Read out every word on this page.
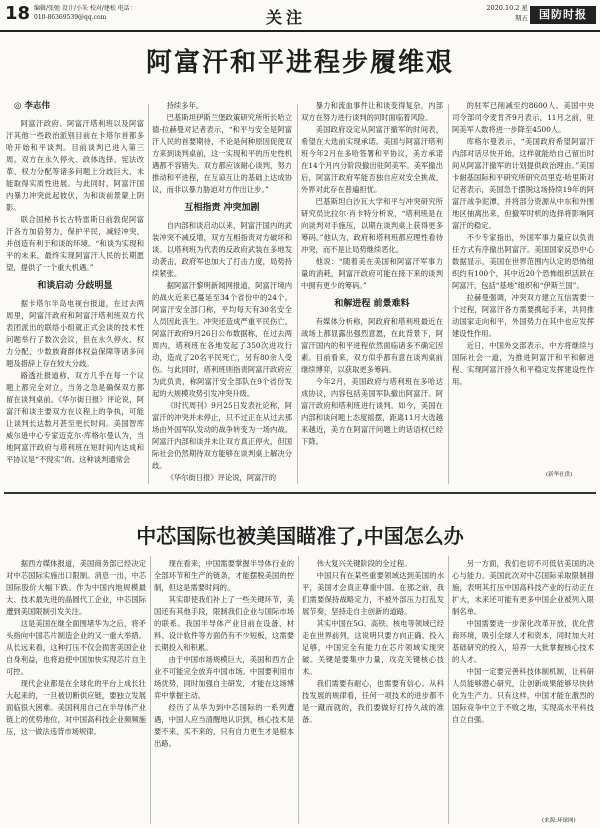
18 编辑/张弛 设计/小朱 校对/建松 电话：010-86369539@qq.com	关注	2020.10.2 星期五	国防时报
阿富汗和平进程步履维艰
◎ 李志伟

阿富汗政府、阿富汗塔利班以及阿富汗其他一些政治派别目前在卡塔尔首都多哈开始和平谈判。目前谈判已进入第三周。双方在永久停火、政体选择、宪法改革、权力分配等诸多问题上分歧巨大，未能取得实质性进展。与此同时，阿富汗国内暴力冲突此起彼伏，为和谈前景蒙上阴影。

联合国秘书长古特雷斯日前敦促阿富汗各方加倍努力，保护平民，减轻冲突，并创造有利于和谈的环境。“和谈为实现和平的未来，最终实现阿富汗人民的长期愿望，提供了一个重大机遇。”

和谈启动 分歧明显

据卡塔尔半岛电视台报道，在过去两周里，阿富汗政府和阿富汗塔利班双方代表团派出的联络小组就正式会谈的技术性问题举行了数次会议，但在永久停火、权力分配、少数族裔群体权益保障等诸多问题及措辞上存在较大分歧。

路透社报道称，双方几乎在每一个议题上都完全对立，当务之急是确保双方都留在谈判桌前。《华尔街日报》评论说，阿富汗和谈主要双方在议程上的争执，可能让谈判长达数月甚至更长时间。美国智库威尔逊中心专家迈克尔·库格尔曼认为，当地阿富汗政府与塔利班在短时间内达成和平协议是“不现实”的。这种谈判通常会

持续多年。

巴基斯坦伊斯兰堡政策研究所所长哈立德·拉赫曼对记者表示，“和平与安全是阿富汗人民的首要期待，不论是何种原因促使双方来到谈判桌前，这一实现和平的历史性机遇都不容错失。双方都应该耐心谈判，努力推动和平进程，在互谅互让的基础上达成协议，而非以暴力胁迫对方作出让步。”

互相指责 冲突加剧

自内部和谈启动以来，阿富汗国内的武装冲突不减反增，双方互相指责对方破坏和谈。以塔利班为代表的反政府武装在多地发动袭击，政府军也加大了打击力度，局势持续紧张。

据阿富汗黎明新闻网报道，阿富汗境内的战火近来已蔓延至34个省份中的24个。阿富汗安全部门称，平均每天有30名安全人员因此丧生。冲突还造成严重平民伤亡。阿富汗政府9月26日公布数据称，在过去两周内，塔利班在各地发起了350次进攻行动，造成了20名平民死亡，另有80余人受伤。与此同时，塔利班则指责阿富汗政府应为此负责，称阿富汗安全部队在9个省份发起的大规模攻势引发冲突升级。

《时代周刊》9月25日发表社论称，阿富汗的冲突并未停止，只不过正在从过去那场由外国军队发动的战争转变为一场内战。阿富汗内部和谈并未让双方真正停火，但国际社会仍然期待双方能够在谈判桌上解决分歧。

《华尔街日报》评论说，阿富汗的

暴力和流血事件让和谈变得复杂，内部双方在努力进行谈判的同时面临着风险。

美国政府设定从阿富汗撤军的时间表，希望在大选前实现承诺。美国与阿富汗塔利班今年2月在多哈签署和平协议，美方承诺在14个月内分阶段撤出驻阿美军。美军撤出后，阿富汗政府军能否独自应对安全挑战，外界对此存在普遍担忧。

巴基斯坦白沙瓦大学和平与冲突研究所研究员比拉尔·肖卡特分析说，“塔利班是在向谈判对手施压，以期在谈判桌上获得更多筹码。”他认为，政府和塔利班都应理性看待冲突，而不是让局势继续恶化。

他说：“随着美在美国和阿富汗军事力量的消耗，阿富汗政府可能在接下来的谈判中拥有更少的筹码。”

和解进程 前景难料

有媒体分析称，阿政府和塔利班最近在战场上都显露出强烈意愿，在此背景下，阿富汗国内的和平进程依然面临诸多不确定因素。目前看来，双方似乎都有意在谈判桌前继续博弈，以获取更多筹码。

今年2月，美国政府与塔利班在多哈达成协议，内容包括美国军队撤出阿富汗、阿富汗政府和塔利班进行谈判。如今，美国在内部和谈问题上态度摇摆，距离11月大选越来越近，美方在阿富汗问题上的话语权已经下降。

的驻军已削减至约8600人。美国中央司令部司令麦肯齐9月表示，11月之前，驻阿美军人数将进一步降至4500人。

库格尔曼表示，“美国政府希望阿富汗内部对话尽快开始，这样就能给自己留出时间从阿富汗撤军的计划提供政治理由。”美国卡耐基国际和平研究所研究员里克·哈里斯对记者表示，美国急于摆脱这场持续19年的阿富汗战争泥潭，并将部分资源从中东和外围地区抽离出来，但撤军时机的选择将影响阿富汗的稳定。

不少专家指出，外国军事力量应以负责任方式有序撤出阿富汗。美国国家反恐中心数据显示，美国在世界范围内认定的恐怖组织约有100个，其中近20个恐怖组织活跃在阿富汗，包括“基地”组织和“伊斯兰国”。

拉赫曼强调，冲突双方建立互信需要一个过程，阿富汗各方需要携起手来，共同推动国家走向和平，外国势力在其中也应发挥建设性作用。

近日，中国外交部表示，中方将继续与国际社会一道，为推进阿富汗和平和解进程、实现阿富汗持久和平稳定发挥建设性作用。

(新华社供)
中芯国际也被美国瞄准了,中国怎么办

据西方媒体报道，美国商务部已经决定对中芯国际实施出口限制。消息一出，中芯国际股价大幅下跌。作为中国内地规模最大、技术最先进的晶圆代工企业，中芯国际遭到美国限制引发关注。

这是美国在继全面围堵华为之后，将矛头指向中国芯片制造企业的又一重大举措。从长远来看，这种打压不仅会损害美国企业自身利益，也将迫使中国加快实现芯片自主可控。

现代企业都是在全球化的平台上成长壮大起来的，一旦被切断供应链，要独立发展面临很大困难。美国利用自己在半导体产业链上的优势地位，对中国高科技企业频频施压，这一做法违背市场规律。

现在看来，中国需要掌握半导体行业的全部环节和生产的链条，才能摆脱美国的控制，但这是需要时间的。

其实即使我们补上了一些关键环节，美国还有其他手段，限制我们企业与国际市场的联系。我国半导体产业目前在设备、材料、设计软件等方面仍有不少短板，这需要长期投入和积累。

由于中国市场规模巨大，美国和西方企业不可能完全放弃中国市场。中国要利用市场优势，同时加强自主研发，才能在这场博弈中掌握主动。

经历了从华为到中芯国际的一系列遭遇，中国人应当清醒地认识到，核心技术是要不来、买不来的，只有自力更生才是根本出路。

伟大复兴关键阶段的全过程。

中国只有在某些重要领域达到美国的水平，美国才会真正尊重中国。在那之前，我们需要保持战略定力，不被外部压力打乱发展节奏，坚持走自主创新的道路。

其实中国在5G、高铁、核电等领域已经走在世界前列，这说明只要方向正确、投入足够，中国完全有能力在芯片领域实现突破。关键是要集中力量，攻克关键核心技术。

我们需要有耐心，也需要有信心。从科技发展的规律看，任何一项技术的进步都不是一蹴而就的，我们要做好打持久战的准备。

另一方面，我们也切不可低估美国的决心与能力。美国此次对中芯国际采取限制措施，表明其打压中国高科技产业的行动正在扩大，未来还可能有更多中国企业被列入限制名单。

中国需要进一步深化改革开放，优化营商环境，吸引全球人才和资本，同时加大对基础研究的投入，培养一大批掌握核心技术的人才。

中国一定要完善科技体制机制，让科研人员能够潜心研究，让创新成果能够尽快转化为生产力。只有这样，中国才能在激烈的国际竞争中立于不败之地，实现高水平科技自立自强。

(来源:环球网)
